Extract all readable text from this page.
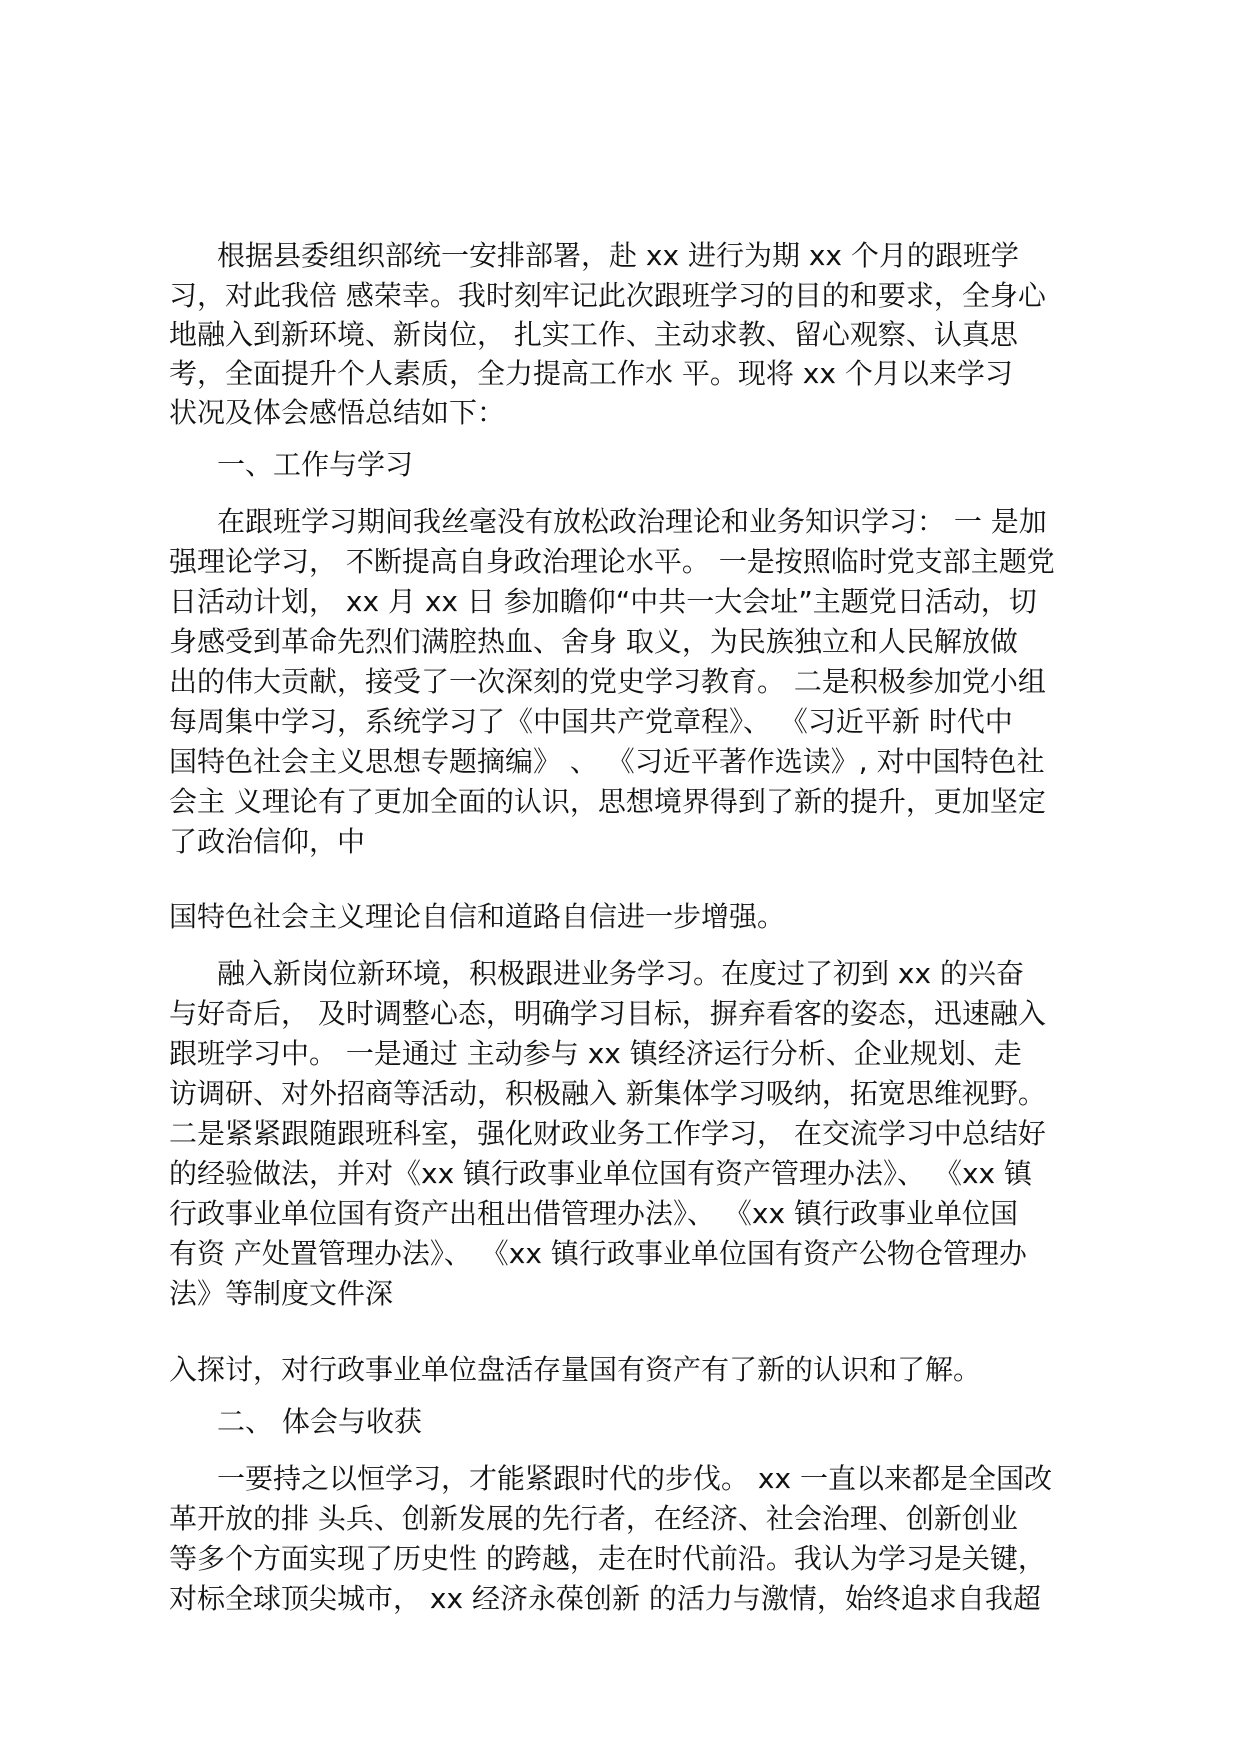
根据县委组织部统一安排部署，赴 xx 进行为期 xx 个月的跟班学
习，对此我倍 感荣幸。我时刻牢记此次跟班学习的目的和要求，全身心
地融入到新环境、新岗位， 扎实工作、主动求教、留心观察、认真思
考，全面提升个人素质，全力提高工作水 平。现将 xx 个月以来学习
状况及体会感悟总结如下：
一、工作与学习
在跟班学习期间我丝毫没有放松政治理论和业务知识学习： 一 是加
强理论学习， 不断提高自身政治理论水平。 一是按照临时党支部主题党
日活动计划， xx 月 xx 日 参加瞻仰“中共一大会址”主题党日活动，切
身感受到革命先烈们满腔热血、舍身 取义，为民族独立和人民解放做
出的伟大贡献，接受了一次深刻的党史学习教育。 二是积极参加党小组
每周集中学习，系统学习了《中国共产党章程》、 《习近平新 时代中
国特色社会主义思想专题摘编》 、 《习近平著作选读》, 对中国特色社
会主 义理论有了更加全面的认识，思想境界得到了新的提升，更加坚定
了政治信仰，中
国特色社会主义理论自信和道路自信进一步增强。
融入新岗位新环境，积极跟进业务学习。在度过了初到 xx 的兴奋
与好奇后， 及时调整心态，明确学习目标，摒弃看客的姿态，迅速融入
跟班学习中。 一是通过 主动参与 xx 镇经济运行分析、企业规划、走
访调研、对外招商等活动，积极融入 新集体学习吸纳，拓宽思维视野。
二是紧紧跟随跟班科室，强化财政业务工作学习， 在交流学习中总结好
的经验做法，并对《xx 镇行政事业单位国有资产管理办法》、 《xx 镇
行政事业单位国有资产出租出借管理办法》、 《xx 镇行政事业单位国
有资 产处置管理办法》、 《xx 镇行政事业单位国有资产公物仓管理办
法》等制度文件深
入探讨，对行政事业单位盘活存量国有资产有了新的认识和了解。
二、 体会与收获
一要持之以恒学习，才能紧跟时代的步伐。 xx 一直以来都是全国改
革开放的排 头兵、创新发展的先行者，在经济、社会治理、创新创业
等多个方面实现了历史性 的跨越，走在时代前沿。我认为学习是关键，
对标全球顶尖城市， xx 经济永葆创新 的活力与激情，始终追求自我超
